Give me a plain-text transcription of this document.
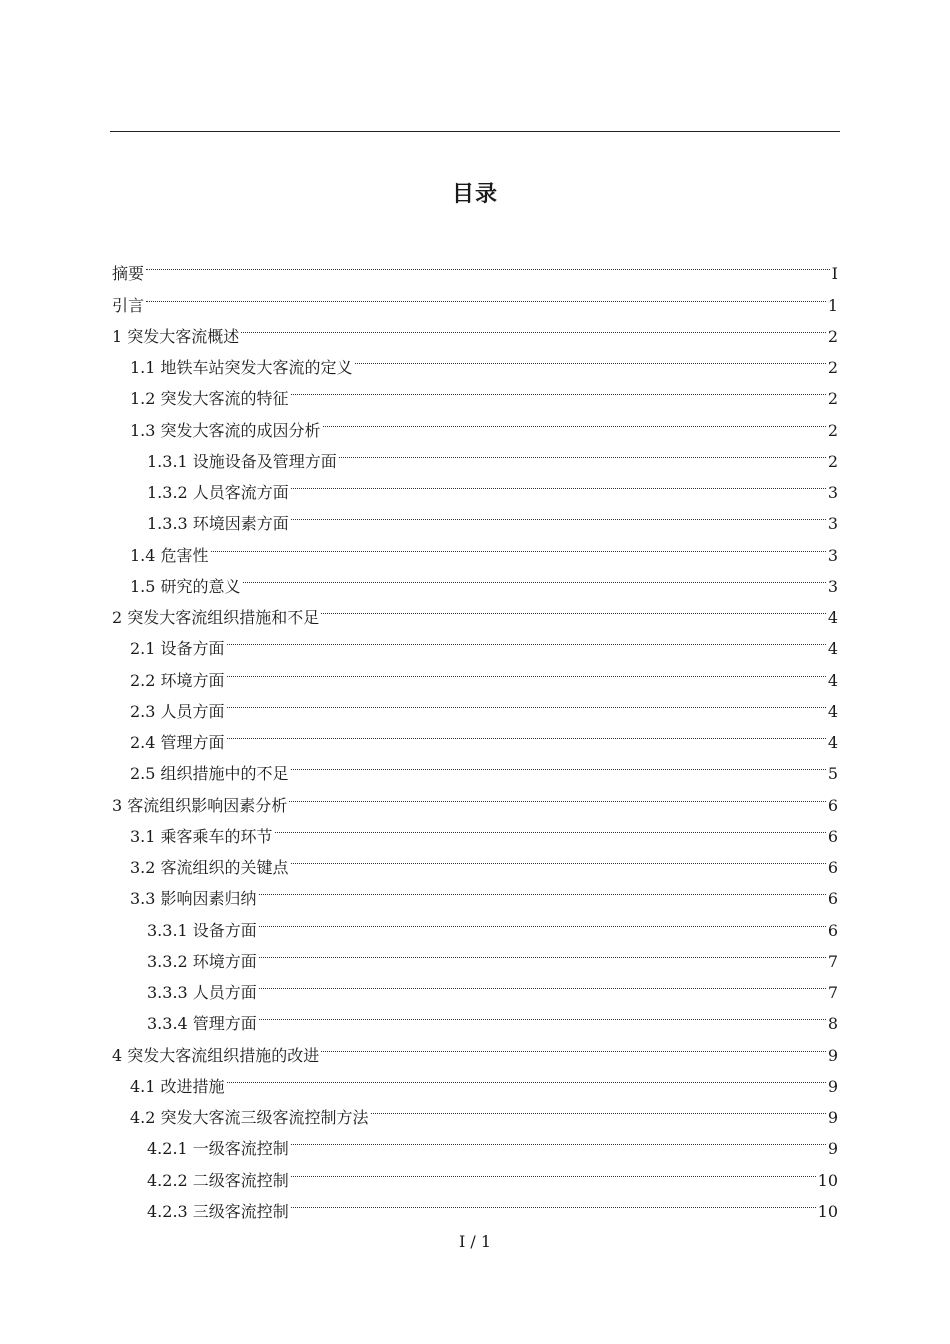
目录
摘要	I
引言	1
1 突发大客流概述	2
1.1 地铁车站突发大客流的定义	2
1.2 突发大客流的特征	2
1.3 突发大客流的成因分析	2
1.3.1 设施设备及管理方面	2
1.3.2 人员客流方面	3
1.3.3 环境因素方面	3
1.4 危害性	3
1.5 研究的意义	3
2 突发大客流组织措施和不足	4
2.1 设备方面	4
2.2 环境方面	4
2.3 人员方面	4
2.4 管理方面	4
2.5 组织措施中的不足	5
3 客流组织影响因素分析	6
3.1 乘客乘车的环节	6
3.2 客流组织的关键点	6
3.3 影响因素归纳	6
3.3.1 设备方面	6
3.3.2 环境方面	7
3.3.3 人员方面	7
3.3.4 管理方面	8
4 突发大客流组织措施的改进	9
4.1 改进措施	9
4.2 突发大客流三级客流控制方法	9
4.2.1 一级客流控制	9
4.2.2 二级客流控制	10
4.2.3 三级客流控制	10
I / 1
